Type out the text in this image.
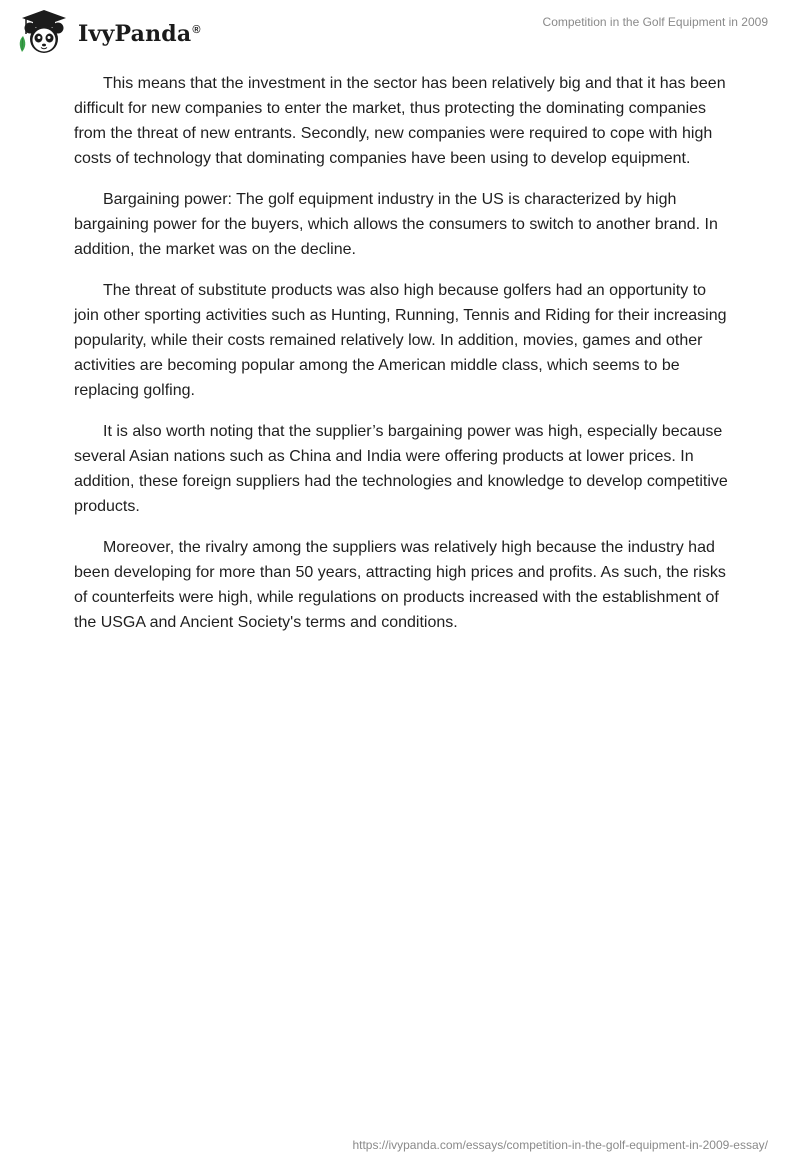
IvyPanda®
Competition in the Golf Equipment in 2009

This means that the investment in the sector has been relatively big and that it has been difficult for new companies to enter the market, thus protecting the dominating companies from the threat of new entrants. Secondly, new companies were required to cope with high costs of technology that dominating companies have been using to develop equipment.

Bargaining power: The golf equipment industry in the US is characterized by high bargaining power for the buyers, which allows the consumers to switch to another brand. In addition, the market was on the decline.

The threat of substitute products was also high because golfers had an opportunity to join other sporting activities such as Hunting, Running, Tennis and Riding for their increasing popularity, while their costs remained relatively low. In addition, movies, games and other activities are becoming popular among the American middle class, which seems to be replacing golfing.

It is also worth noting that the supplier’s bargaining power was high, especially because several Asian nations such as China and India were offering products at lower prices. In addition, these foreign suppliers had the technologies and knowledge to develop competitive products.

Moreover, the rivalry among the suppliers was relatively high because the industry had been developing for more than 50 years, attracting high prices and profits. As such, the risks of counterfeits were high, while regulations on products increased with the establishment of the USGA and Ancient Society's terms and conditions.

https://ivypanda.com/essays/competition-in-the-golf-equipment-in-2009-essay/
